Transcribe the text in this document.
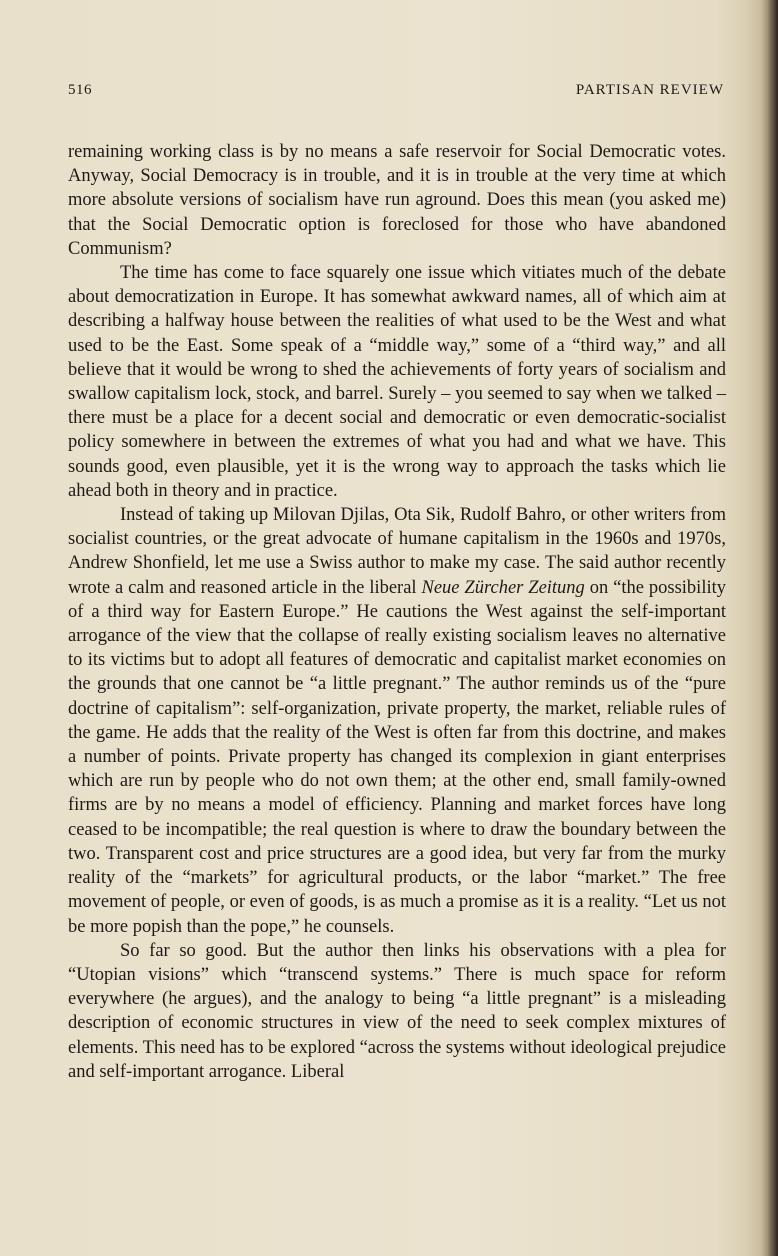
516	PARTISAN REVIEW

remaining working class is by no means a safe reservoir for Social Democratic votes. Anyway, Social Democracy is in trouble, and it is in trouble at the very time at which more absolute versions of socialism have run aground. Does this mean (you asked me) that the Social Democratic option is foreclosed for those who have abandoned Communism?

The time has come to face squarely one issue which vitiates much of the debate about democratization in Europe. It has somewhat awkward names, all of which aim at describing a halfway house between the realities of what used to be the West and what used to be the East. Some speak of a “middle way,” some of a “third way,” and all believe that it would be wrong to shed the achievements of forty years of socialism and swallow capitalism lock, stock, and barrel. Surely – you seemed to say when we talked – there must be a place for a decent social and democratic or even democratic-socialist policy somewhere in between the extremes of what you had and what we have. This sounds good, even plausible, yet it is the wrong way to approach the tasks which lie ahead both in theory and in practice.

Instead of taking up Milovan Djilas, Ota Sik, Rudolf Bahro, or other writers from socialist countries, or the great advocate of humane capitalism in the 1960s and 1970s, Andrew Shonfield, let me use a Swiss author to make my case. The said author recently wrote a calm and reasoned article in the liberal Neue Zürcher Zeitung on “the possibility of a third way for Eastern Europe.” He cautions the West against the self-important arrogance of the view that the collapse of really existing socialism leaves no alternative to its victims but to adopt all features of democratic and capitalist market economies on the grounds that one cannot be “a little pregnant.” The author reminds us of the “pure doctrine of capitalism”: self-organization, private property, the market, reliable rules of the game. He adds that the reality of the West is often far from this doctrine, and makes a number of points. Private property has changed its complexion in giant enterprises which are run by people who do not own them; at the other end, small family-owned firms are by no means a model of efficiency. Planning and market forces have long ceased to be incompatible; the real question is where to draw the boundary between the two. Transparent cost and price structures are a good idea, but very far from the murky reality of the “markets” for agricultural products, or the labor “market.” The free movement of people, or even of goods, is as much a promise as it is a reality. “Let us not be more popish than the pope,” he counsels.

So far so good. But the author then links his observations with a plea for “Utopian visions” which “transcend systems.” There is much space for reform everywhere (he argues), and the analogy to being “a little pregnant” is a misleading description of economic structures in view of the need to seek complex mixtures of elements. This need has to be explored “across the systems without ideological prejudice and self-important arrogance. Liberal
